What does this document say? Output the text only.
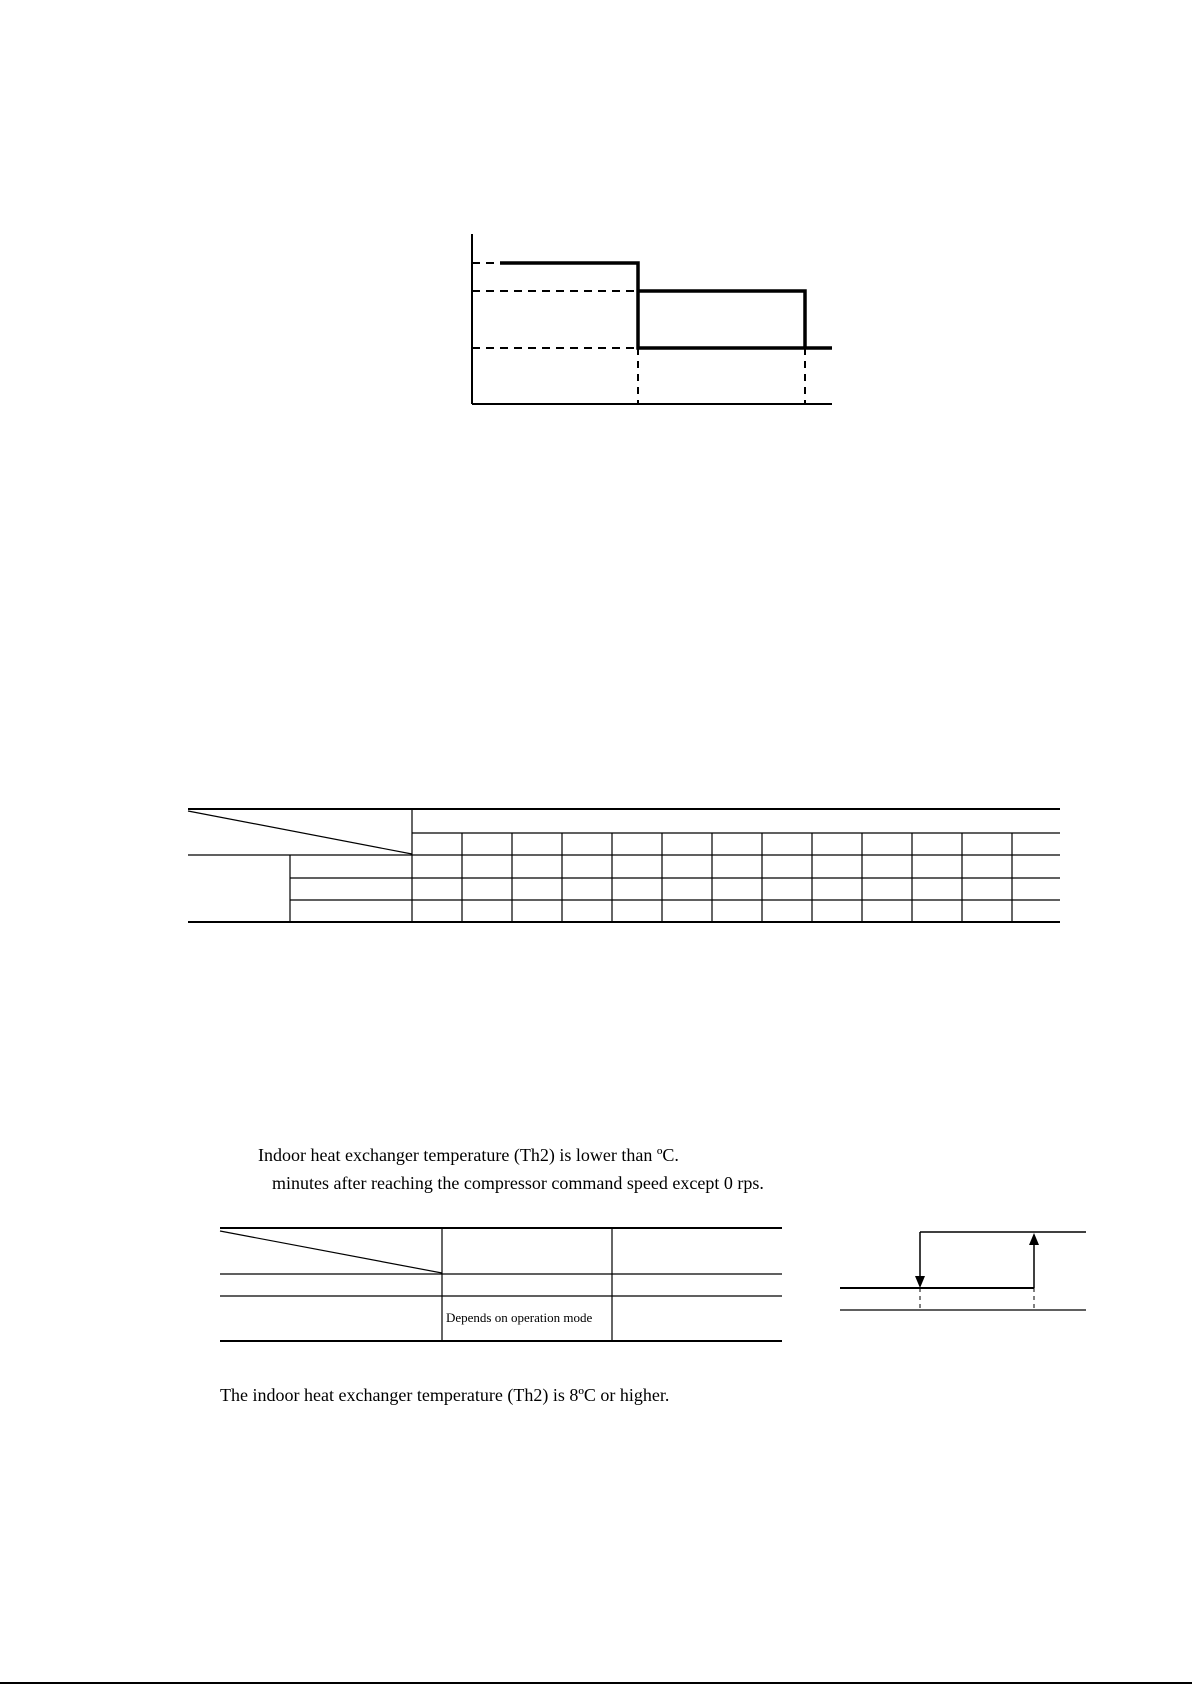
Indoor heat exchanger temperature (Th2) is lower than ºC.
minutes after reaching the compressor command speed except 0 rps.
Depends on operation mode
The indoor heat exchanger temperature (Th2) is 8ºC or higher.
